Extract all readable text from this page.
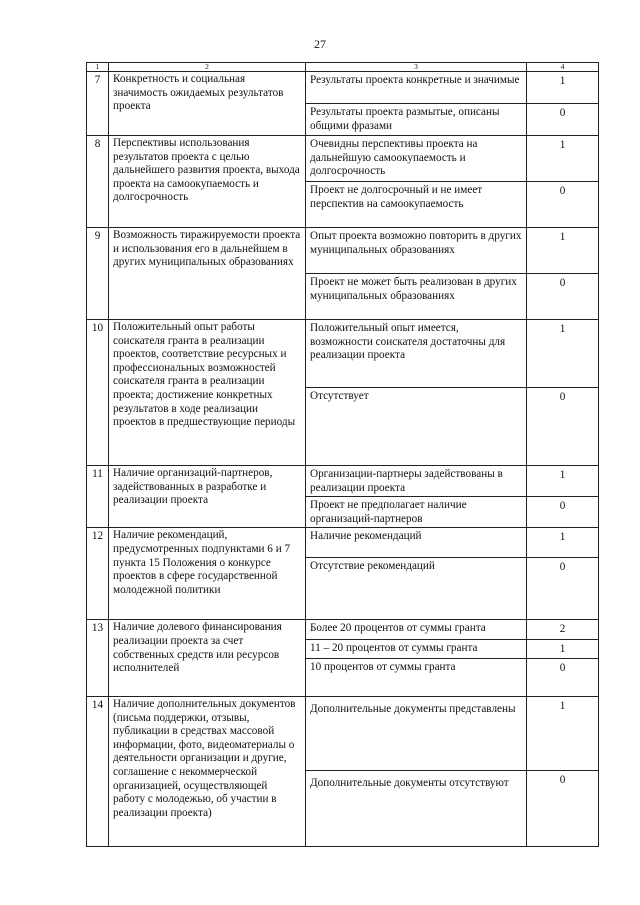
27
1	2	3	4
7	Конкретность и социальная значимость ожидаемых результатов проекта	Результаты проекта конкретные и значимые	1
		Результаты проекта размытые, описаны общими фразами	0
8	Перспективы использования результатов проекта с целью дальнейшего развития проекта, выхода проекта на самоокупаемость и долгосрочность	Очевидны перспективы проекта на дальнейшую самоокупаемость и долгосрочность	1
		Проект не долгосрочный и не имеет перспектив на самоокупаемость	0
9	Возможность тиражируемости проекта и использования его в дальнейшем в других муниципальных образованиях	Опыт проекта возможно повторить в других муниципальных образованиях	1
		Проект не может быть реализован в других муниципальных образованиях	0
10	Положительный опыт работы соискателя гранта в реализации проектов, соответствие ресурсных и профессиональных возможностей соискателя гранта в реализации проекта; достижение конкретных результатов в ходе реализации проектов в предшествующие периоды	Положительный опыт имеется, возможности соискателя достаточны для реализации проекта	1
		Отсутствует	0
11	Наличие организаций-партнеров, задействованных в разработке и реализации проекта	Организации-партнеры задействованы в реализации проекта	1
		Проект не предполагает наличие организаций-партнеров	0
12	Наличие рекомендаций, предусмотренных подпунктами 6 и 7 пункта 15 Положения о конкурсе проектов в сфере государственной молодежной политики	Наличие рекомендаций	1
		Отсутствие рекомендаций	0
13	Наличие долевого финансирования реализации проекта за счет собственных средств или ресурсов исполнителей	Более 20 процентов от суммы гранта	2
		11 – 20 процентов от суммы гранта	1
		10 процентов от суммы гранта	0
14	Наличие дополнительных документов (письма поддержки, отзывы, публикации в средствах массовой информации, фото, видеоматериалы о деятельности организации и другие, соглашение с некоммерческой организацией, осуществляющей работу с молодежью, об участии в реализации проекта)	Дополнительные документы представлены	1
		Дополнительные документы отсутствуют	0
